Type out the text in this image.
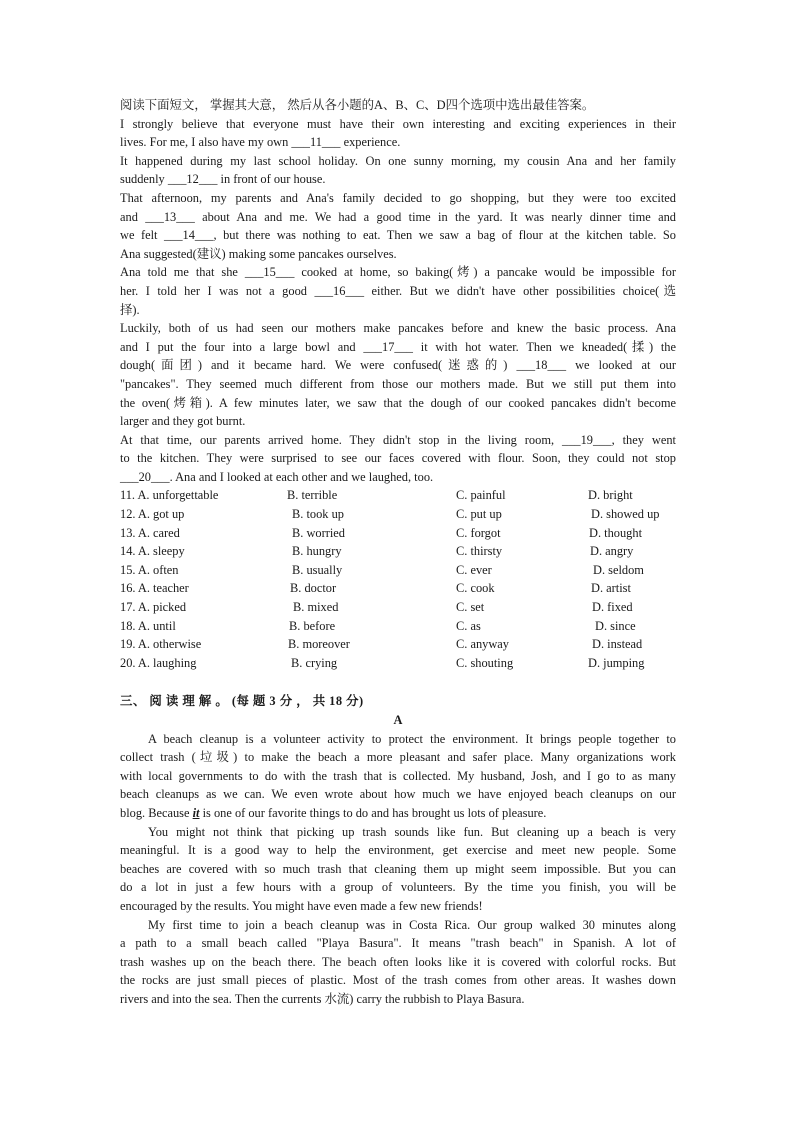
阅读下面短文， 掌握其大意， 然后从各小题的A、B、C、D四个选项中选出最佳答案。
I strongly believe that everyone must have their own interesting and exciting experiences in their
lives. For me, I also have my own ___11___ experience.
It happened during my last school holiday. On one sunny morning, my cousin Ana and her family
suddenly ___12___ in front of our house.
That afternoon, my parents and Ana's family decided to go shopping, but they were too excited
and ___13___ about Ana and me. We had a good time in the yard. It was nearly dinner time and
we felt ___14___, but there was nothing to eat. Then we saw a bag of flour at the kitchen table. So
Ana suggested(建议) making some pancakes ourselves.
Ana told me that she ___15___ cooked at home, so baking(烤) a pancake would be impossible for
her. I told her I was not a good ___16___ either. But we didn't have other possibilities choice(选
择).
Luckily, both of us had seen our mothers make pancakes before and knew the basic process. Ana
and I put the four into a large bowl and ___17___ it with hot water. Then we kneaded(揉) the
dough(面团) and it became hard. We were confused(迷惑的) ___18___ we looked at our
"pancakes". They seemed much different from those our mothers made. But we still put them into
the oven(烤箱). A few minutes later, we saw that the dough of our cooked pancakes didn't become
larger and they got burnt.
At that time, our parents arrived home. They didn't stop in the living room, ___19___, they went
to the kitchen. They were surprised to see our faces covered with flour. Soon, they could not stop
___20___. Ana and I looked at each other and we laughed, too.
11. A. unforgettable	B. terrible	C. painful	D. bright
12. A. got up	B. took up	C. put up	D. showed up
13. A. cared	B. worried	C. forgot	D. thought
14. A. sleepy	B. hungry	C. thirsty	D. angry
15. A. often	B. usually	C. ever	D. seldom
16. A. teacher	B. doctor	C. cook	D. artist
17. A. picked	B. mixed	C. set	D. fixed
18. A. until	B. before	C. as	D. since
19. A. otherwise	B. moreover	C. anyway	D. instead
20. A. laughing	B. crying	C. shouting	D. jumping
三、 阅 读 理 解 。 (每 题 3 分 ， 共 18 分)
A
A beach cleanup is a volunteer activity to protect the environment. It brings people together to
collect trash (垃圾) to make the beach a more pleasant and safer place. Many organizations work
with local governments to do with the trash that is collected. My husband, Josh, and I go to as many
beach cleanups as we can. We even wrote about how much we have enjoyed beach cleanups on our
blog. Because it is one of our favorite things to do and has brought us lots of pleasure.
You might not think that picking up trash sounds like fun. But cleaning up a beach is very
meaningful. It is a good way to help the environment, get exercise and meet new people. Some
beaches are covered with so much trash that cleaning them up might seem impossible. But you can
do a lot in just a few hours with a group of volunteers. By the time you finish, you will be
encouraged by the results. You might have even made a few new friends!
My first time to join a beach cleanup was in Costa Rica. Our group walked 30 minutes along
a path to a small beach called "Playa Basura". It means "trash beach" in Spanish. A lot of
trash washes up on the beach there. The beach often looks like it is covered with colorful rocks. But
the rocks are just small pieces of plastic. Most of the trash comes from other areas. It washes down
rivers and into the sea. Then the currents 水流) carry the rubbish to Playa Basura.
